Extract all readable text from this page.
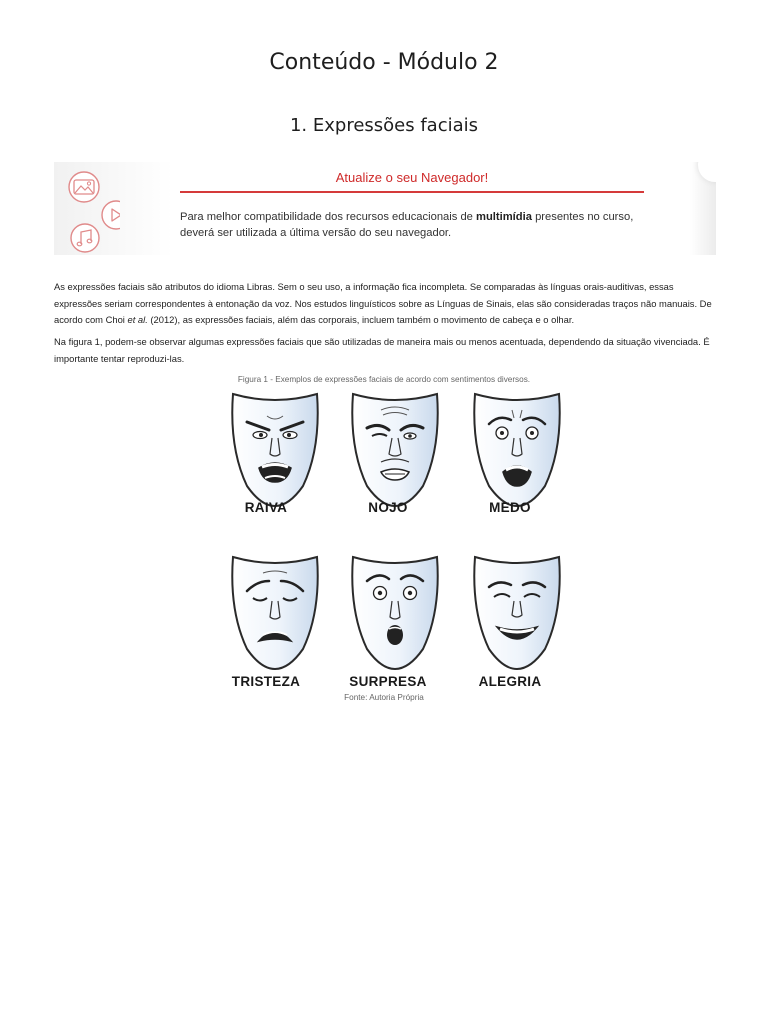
Conteúdo - Módulo 2
1. Expressões faciais
Atualize o seu Navegador!
Para melhor compatibilidade dos recursos educacionais de multimídia presentes no curso,
deverá ser utilizada a última versão do seu navegador.

As expressões faciais são atributos do idioma Libras. Sem o seu uso, a informação fica incompleta. Se comparadas às línguas orais-auditivas, essas expressões seriam correspondentes à entonação da voz. Nos estudos linguísticos sobre as Línguas de Sinais, elas são consideradas traços não manuais. De acordo com Choi et al. (2012), as expressões faciais, além das corporais, incluem também o movimento de cabeça e o olhar.

Na figura 1, podem-se observar algumas expressões faciais que são utilizadas de maneira mais ou menos acentuada, dependendo da situação vivenciada. É importante tentar reproduzi-las.

Figura 1 - Exemplos de expressões faciais de acordo com sentimentos diversos.

RAIVA	NOJO	MEDO
TRISTEZA	SURPRESA	ALEGRIA

Fonte: Autoria Própria
